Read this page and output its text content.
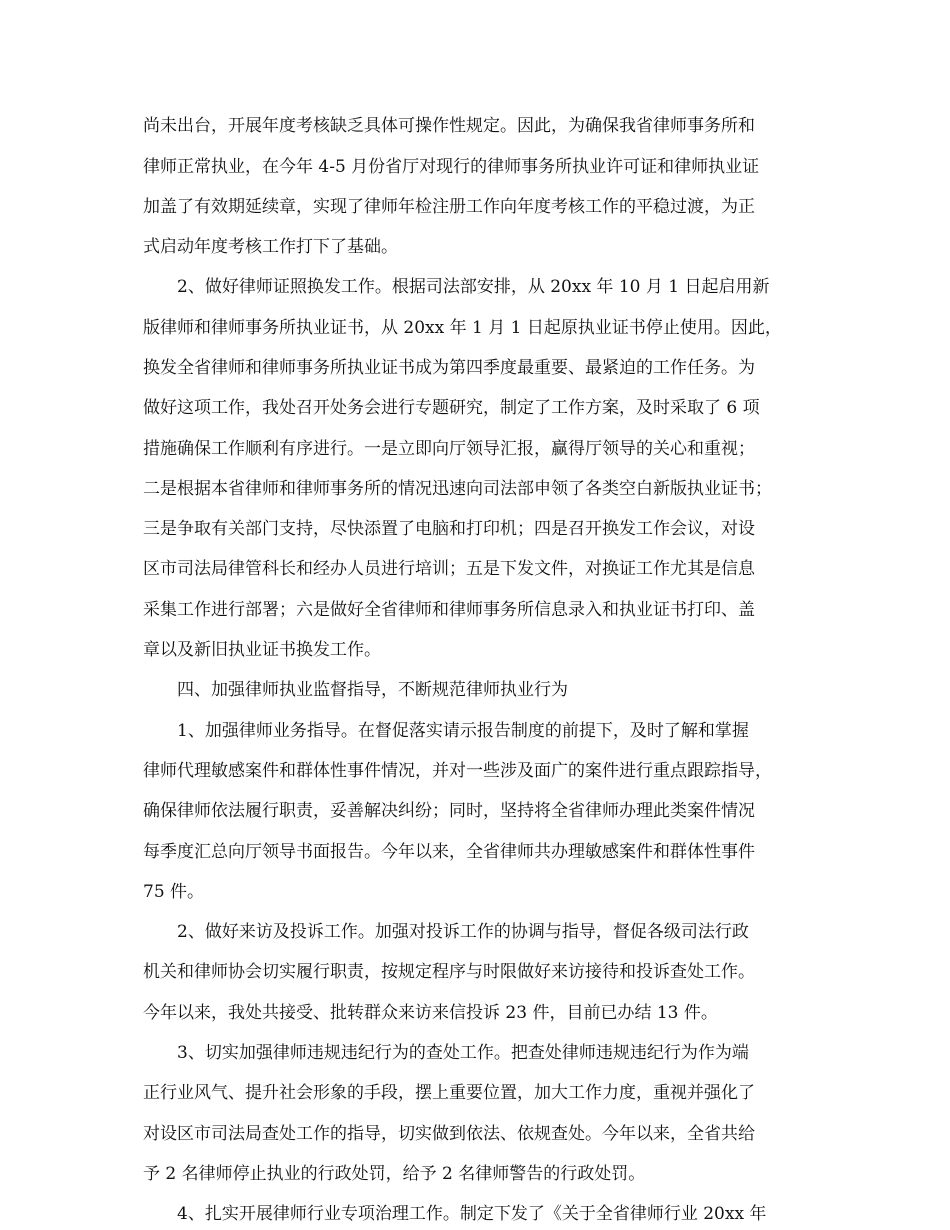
尚未出台，开展年度考核缺乏具体可操作性规定。因此，为确保我省律师事务所和
律师正常执业，在今年 4-5 月份省厅对现行的律师事务所执业许可证和律师执业证
加盖了有效期延续章，实现了律师年检注册工作向年度考核工作的平稳过渡，为正
式启动年度考核工作打下了基础。
2、做好律师证照换发工作。根据司法部安排，从 20xx 年 10 月 1 日起启用新
版律师和律师事务所执业证书，从 20xx 年 1 月 1 日起原执业证书停止使用。因此，
换发全省律师和律师事务所执业证书成为第四季度最重要、最紧迫的工作任务。为
做好这项工作，我处召开处务会进行专题研究，制定了工作方案，及时采取了 6 项
措施确保工作顺利有序进行。一是立即向厅领导汇报，赢得厅领导的关心和重视；
二是根据本省律师和律师事务所的情况迅速向司法部申领了各类空白新版执业证书；
三是争取有关部门支持，尽快添置了电脑和打印机；四是召开换发工作会议，对设
区市司法局律管科长和经办人员进行培训；五是下发文件，对换证工作尤其是信息
采集工作进行部署；六是做好全省律师和律师事务所信息录入和执业证书打印、盖
章以及新旧执业证书换发工作。
四、加强律师执业监督指导，不断规范律师执业行为
1、加强律师业务指导。在督促落实请示报告制度的前提下，及时了解和掌握
律师代理敏感案件和群体性事件情况，并对一些涉及面广的案件进行重点跟踪指导，
确保律师依法履行职责，妥善解决纠纷；同时，坚持将全省律师办理此类案件情况
每季度汇总向厅领导书面报告。今年以来，全省律师共办理敏感案件和群体性事件
75 件。
2、做好来访及投诉工作。加强对投诉工作的协调与指导，督促各级司法行政
机关和律师协会切实履行职责，按规定程序与时限做好来访接待和投诉查处工作。
今年以来，我处共接受、批转群众来访来信投诉 23 件，目前已办结 13 件。
3、切实加强律师违规违纪行为的查处工作。把查处律师违规违纪行为作为端
正行业风气、提升社会形象的手段，摆上重要位置，加大工作力度，重视并强化了
对设区市司法局查处工作的指导，切实做到依法、依规查处。今年以来，全省共给
予 2 名律师停止执业的行政处罚，给予 2 名律师警告的行政处罚。
4、扎实开展律师行业专项治理工作。制定下发了《关于全省律师行业 20xx 年
